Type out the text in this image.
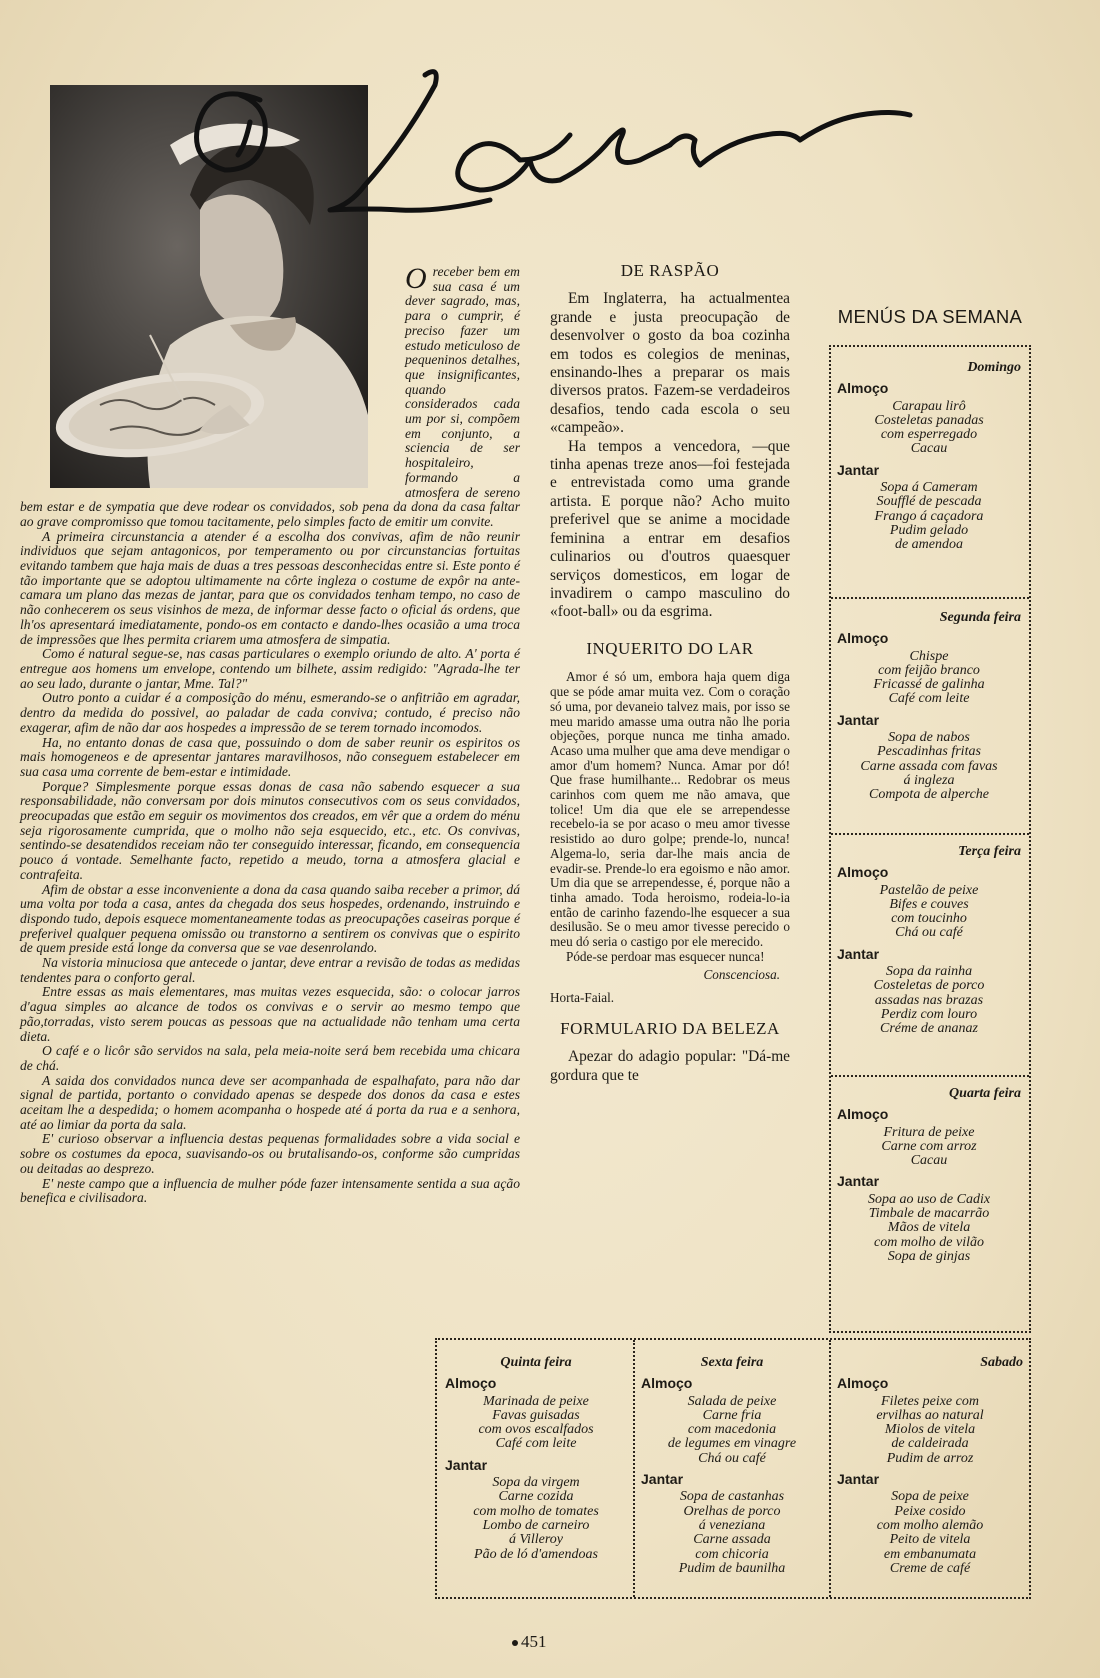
Oreceber bem em sua casa é um dever sagrado, mas, para o cumprir, é preciso fazer um estudo meticuloso de pequeninos detalhes, que insignificantes, quando considerados cada um por si, compõem em conjunto, a sciencia de ser hospitaleiro, formando a atmosfera de sereno bem estar e de sympatia que deve rodear os convidados, sob pena da dona da casa faltar ao grave compromisso que tomou tacitamente, pelo simples facto de emitir um convite.

A primeira circunstancia a atender é a escolha dos convivas, afim de não reunir individuos que sejam antagonicos, por temperamento ou por circunstancias fortuitas evitando tambem que haja mais de duas a tres pessoas desconhecidas entre si. Este ponto é tão importante que se adoptou ultimamente na côrte ingleza o costume de expôr na ante-camara um plano das mezas de jantar, para que os convidados tenham tempo, no caso de não conhecerem os seus visinhos de meza, de informar desse facto o oficial ás ordens, que lh'os apresentará imediatamente, pondo-os em contacto e dando-lhes ocasião a uma troca de impressões que lhes permita criarem uma atmosfera de simpatia.

Como é natural segue-se, nas casas particulares o exemplo oriundo de alto. A' porta é entregue aos homens um envelope, contendo um bilhete, assim redigido: "Agrada-lhe ter ao seu lado, durante o jantar, Mme. Tal?"

Outro ponto a cuidar é a composição do ménu, esmerando-se o anfitrião em agradar, dentro da medida do possivel, ao paladar de cada conviva; contudo, é preciso não exagerar, afim de não dar aos hospedes a impressão de se terem tornado incomodos.

Ha, no entanto donas de casa que, possuindo o dom de saber reunir os espiritos os mais homogeneos e de apresentar jantares maravilhosos, não conseguem estabelecer em sua casa uma corrente de bem-estar e intimidade.

Porque? Simplesmente porque essas donas de casa não sabendo esquecer a sua responsabilidade, não conversam por dois minutos consecutivos com os seus convidados, preocupadas que estão em seguir os movimentos dos creados, em vêr que a ordem do ménu seja rigorosamente cumprida, que o molho não seja esquecido, etc., etc. Os convivas, sentindo-se desatendidos receiam não ter conseguido interessar, ficando, em consequencia pouco á vontade. Semelhante facto, repetido a meudo, torna a atmosfera glacial e contrafeita.

Afim de obstar a esse inconveniente a dona da casa quando saiba receber a primor, dá uma volta por toda a casa, antes da chegada dos seus hospedes, ordenando, instruindo e dispondo tudo, depois esquece momentaneamente todas as preocupações caseiras porque é preferivel qualquer pequena omissão ou transtorno a sentirem os convivas que o espirito de quem preside está longe da conversa que se vae desenrolando.

Na vistoria minuciosa que antecede o jantar, deve entrar a revisão de todas as medidas tendentes para o conforto geral.

Entre essas as mais elementares, mas muitas vezes esquecida, são: o colocar jarros d'agua simples ao alcance de todos os convivas e o servir ao mesmo tempo que pão,torradas, visto serem poucas as pessoas que na actualidade não tenham uma certa dieta.

O café e o licôr são servidos na sala, pela meia-noite será bem recebida uma chicara de chá.

A saida dos convidados nunca deve ser acompanhada de espalhafato, para não dar signal de partida, portanto o convidado apenas se despede dos donos da casa e estes aceitam lhe a despedida; o homem acompanha o hospede até á porta da rua e a senhora, até ao limiar da porta da sala.

E' curioso observar a influencia destas pequenas formalidades sobre a vida social e sobre os costumes da epoca, suavisando-os ou brutalisando-os, conforme são cumpridas ou deitadas ao desprezo.

E' neste campo que a influencia de mulher póde fazer intensamente sentida a sua ação benefica e civilisadora.

DE RASPÃO

Em Inglaterra, ha actualmentea grande e justa preocupação de desenvolver o gosto da boa cozinha em todos es colegios de meninas, ensinando-lhes a preparar os mais diversos pratos. Fazem-se verdadeiros desafios, tendo cada escola o seu «campeão».

Ha tempos a vencedora, —que tinha apenas treze anos—foi festejada e entrevistada como uma grande artista. E porque não? Acho muito preferivel que se anime a mocidade feminina a entrar em desafios culinarios ou d'outros quaesquer serviços domesticos, em logar de invadirem o campo masculino do «foot-ball» ou da esgrima.

INQUERITO DO LAR

Amor é só um, embora haja quem diga que se póde amar muita vez. Com o coração só uma, por devaneio talvez mais, por isso se meu marido amasse uma outra não lhe poria objeções, porque nunca me tinha amado. Acaso uma mulher que ama deve mendigar o amor d'um homem? Nunca. Amar por dó! Que frase humilhante... Redobrar os meus carinhos com quem me não amava, que tolice! Um dia que ele se arrependesse recebelo-ia se por acaso o meu amor tivesse resistido ao duro golpe; prende-lo, nunca! Algema-lo, seria dar-lhe mais ancia de evadir-se. Prende-lo era egoismo e não amor. Um dia que se arrependesse, é, porque não a tinha amado. Toda heroismo, rodeia-lo-ia então de carinho fazendo-lhe esquecer a sua desilusão. Se o meu amor tivesse perecido o meu dó seria o castigo por ele merecido.

Póde-se perdoar mas esquecer nunca!

Conscenciosa.

Horta-Faial.

FORMULARIO DA BELEZA

Apezar do adagio popular: "Dá-me gordura que te

MENÚS DA SEMANA
Domingo
Almoço
Carapau lirô
Costeletas panadas
com esperregado
Cacau
Jantar
Sopa á Cameram
Soufflé de pescada
Frango á caçadora
Pudim gelado
de amendoa
Segunda feira
Almoço
Chispe
com feijão branco
Fricassé de galinha
Café com leite
Jantar
Sopa de nabos
Pescadinhas fritas
Carne assada com favas
á ingleza
Compota de alperche
Terça feira
Almoço
Pastelão de peixe
Bifes e couves
com toucinho
Chá ou café
Jantar
Sopa da rainha
Costeletas de porco
assadas nas brazas
Perdiz com louro
Créme de ananaz
Quarta feira
Almoço
Fritura de peixe
Carne com arroz
Cacau
Jantar
Sopa ao uso de Cadix
Timbale de macarrão
Mãos de vitela
com molho de vilão
Sopa de ginjas
Quinta feira
Almoço
Marinada de peixe
Favas guisadas
com ovos escalfados
Café com leite
Jantar
Sopa da virgem
Carne cozida
com molho de tomates
Lombo de carneiro
á Villeroy
Pão de ló d'amendoas
Sexta feira
Almoço
Salada de peixe
Carne fria
com macedonia
de legumes em vinagre
Chá ou café
Jantar
Sopa de castanhas
Orelhas de porco
á veneziana
Carne assada
com chicoria
Pudim de baunilha
Sabado
Almoço
Filetes peixe com
ervilhas ao natural
Miolos de vitela
de caldeirada
Pudim de arroz
Jantar
Sopa de peixe
Peixe cosido
com molho alemão
Peito de vitela
em embanumata
Creme de café
451
